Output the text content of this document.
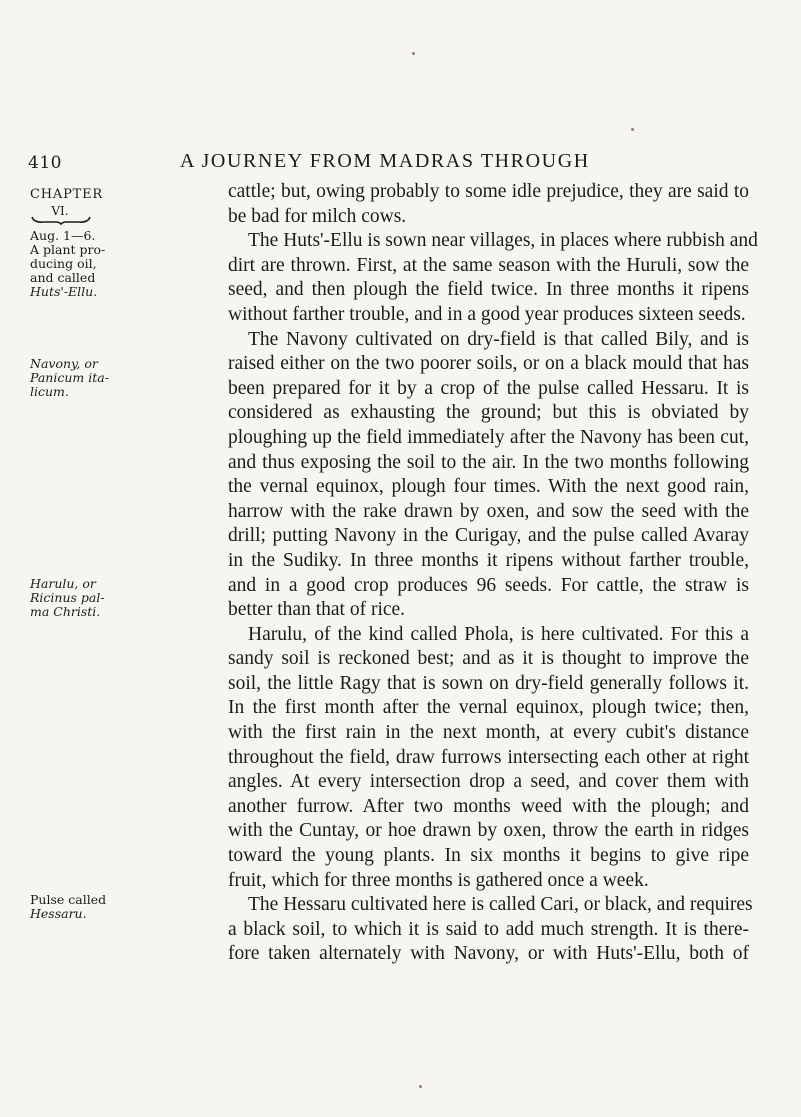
410	A JOURNEY FROM MADRAS THROUGH
CHAPTER
VI.
Aug. 1—6.
A plant pro-
ducing oil,
and called
Huts'-Ellu.
Navony, or
Panicum ita-
licum.
Harulu, or
Ricinus pal-
ma Christi.
Pulse called
Hessaru.
cattle; but, owing probably to some idle prejudice, they are said to
be bad for milch cows.
The Huts'-Ellu is sown near villages, in places where rubbish and
dirt are thrown. First, at the same season with the Huruli, sow the
seed, and then plough the field twice. In three months it ripens
without farther trouble, and in a good year produces sixteen seeds.
The Navony cultivated on dry-field is that called Bily, and is
raised either on the two poorer soils, or on a black mould that has
been prepared for it by a crop of the pulse called Hessaru. It is
considered as exhausting the ground; but this is obviated by
ploughing up the field immediately after the Navony has been cut,
and thus exposing the soil to the air. In the two months following
the vernal equinox, plough four times. With the next good rain,
harrow with the rake drawn by oxen, and sow the seed with the
drill; putting Navony in the Curigay, and the pulse called Avaray
in the Sudiky. In three months it ripens without farther trouble,
and in a good crop produces 96 seeds. For cattle, the straw is
better than that of rice.
Harulu, of the kind called Phola, is here cultivated. For this a
sandy soil is reckoned best; and as it is thought to improve the
soil, the little Ragy that is sown on dry-field generally follows it.
In the first month after the vernal equinox, plough twice; then,
with the first rain in the next month, at every cubit's distance
throughout the field, draw furrows intersecting each other at right
angles. At every intersection drop a seed, and cover them with
another furrow. After two months weed with the plough; and
with the Cuntay, or hoe drawn by oxen, throw the earth in ridges
toward the young plants. In six months it begins to give ripe
fruit, which for three months is gathered once a week.
The Hessaru cultivated here is called Cari, or black, and requires
a black soil, to which it is said to add much strength. It is there-
fore taken alternately with Navony, or with Huts'-Ellu, both of
